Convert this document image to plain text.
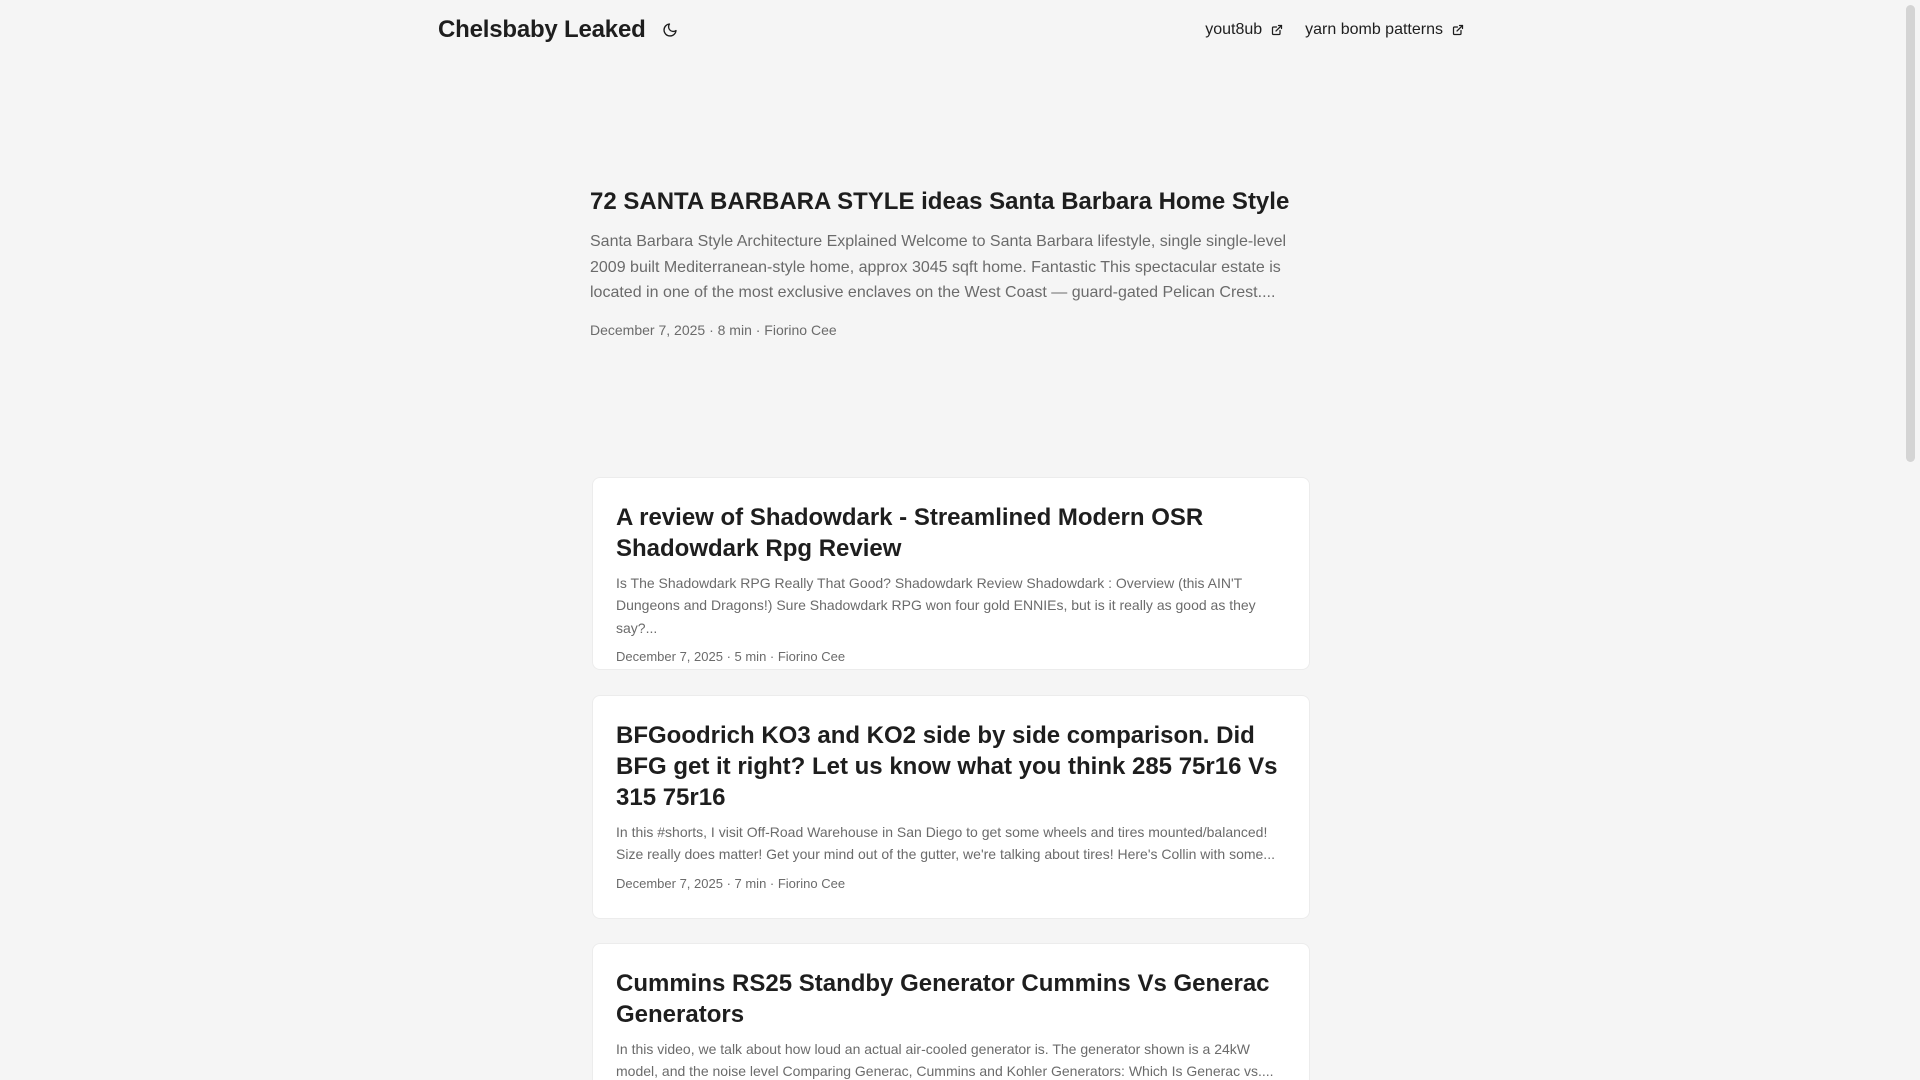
Chelsbaby Leaked	yout8ub	yarn bomb patterns
72 SANTA BARBARA STYLE ideas Santa Barbara Home Style

Santa Barbara Style Architecture Explained Welcome to Santa Barbara lifestyle, single single-level 2009 built Mediterranean-style home, approx 3045 sqft home. Fantastic This spectacular estate is located in one of the most exclusive enclaves on the West Coast — guard-gated Pelican Crest....

December 7, 2025 · 8 min · Fiorino Cee
A review of Shadowdark - Streamlined Modern OSR Shadowdark Rpg Review

Is The Shadowdark RPG Really That Good? Shadowdark Review Shadowdark : Overview (this AIN'T Dungeons and Dragons!) Sure Shadowdark RPG won four gold ENNIEs, but is it really as good as they say?...

December 7, 2025 · 5 min · Fiorino Cee
BFGoodrich KO3 and KO2 side by side comparison. Did BFG get it right? Let us know what you think 285 75r16 Vs 315 75r16

In this #shorts, I visit Off-Road Warehouse in San Diego to get some wheels and tires mounted/balanced! Size really does matter! Get your mind out of the gutter, we're talking about tires! Here's Collin with some...

December 7, 2025 · 7 min · Fiorino Cee
Cummins RS25 Standby Generator Cummins Vs Generac Generators

In this video, we talk about how loud an actual air-cooled generator is. The generator shown is a 24kW model, and the noise level Comparing Generac, Cummins and Kohler Generators: Which Is Generac vs....
